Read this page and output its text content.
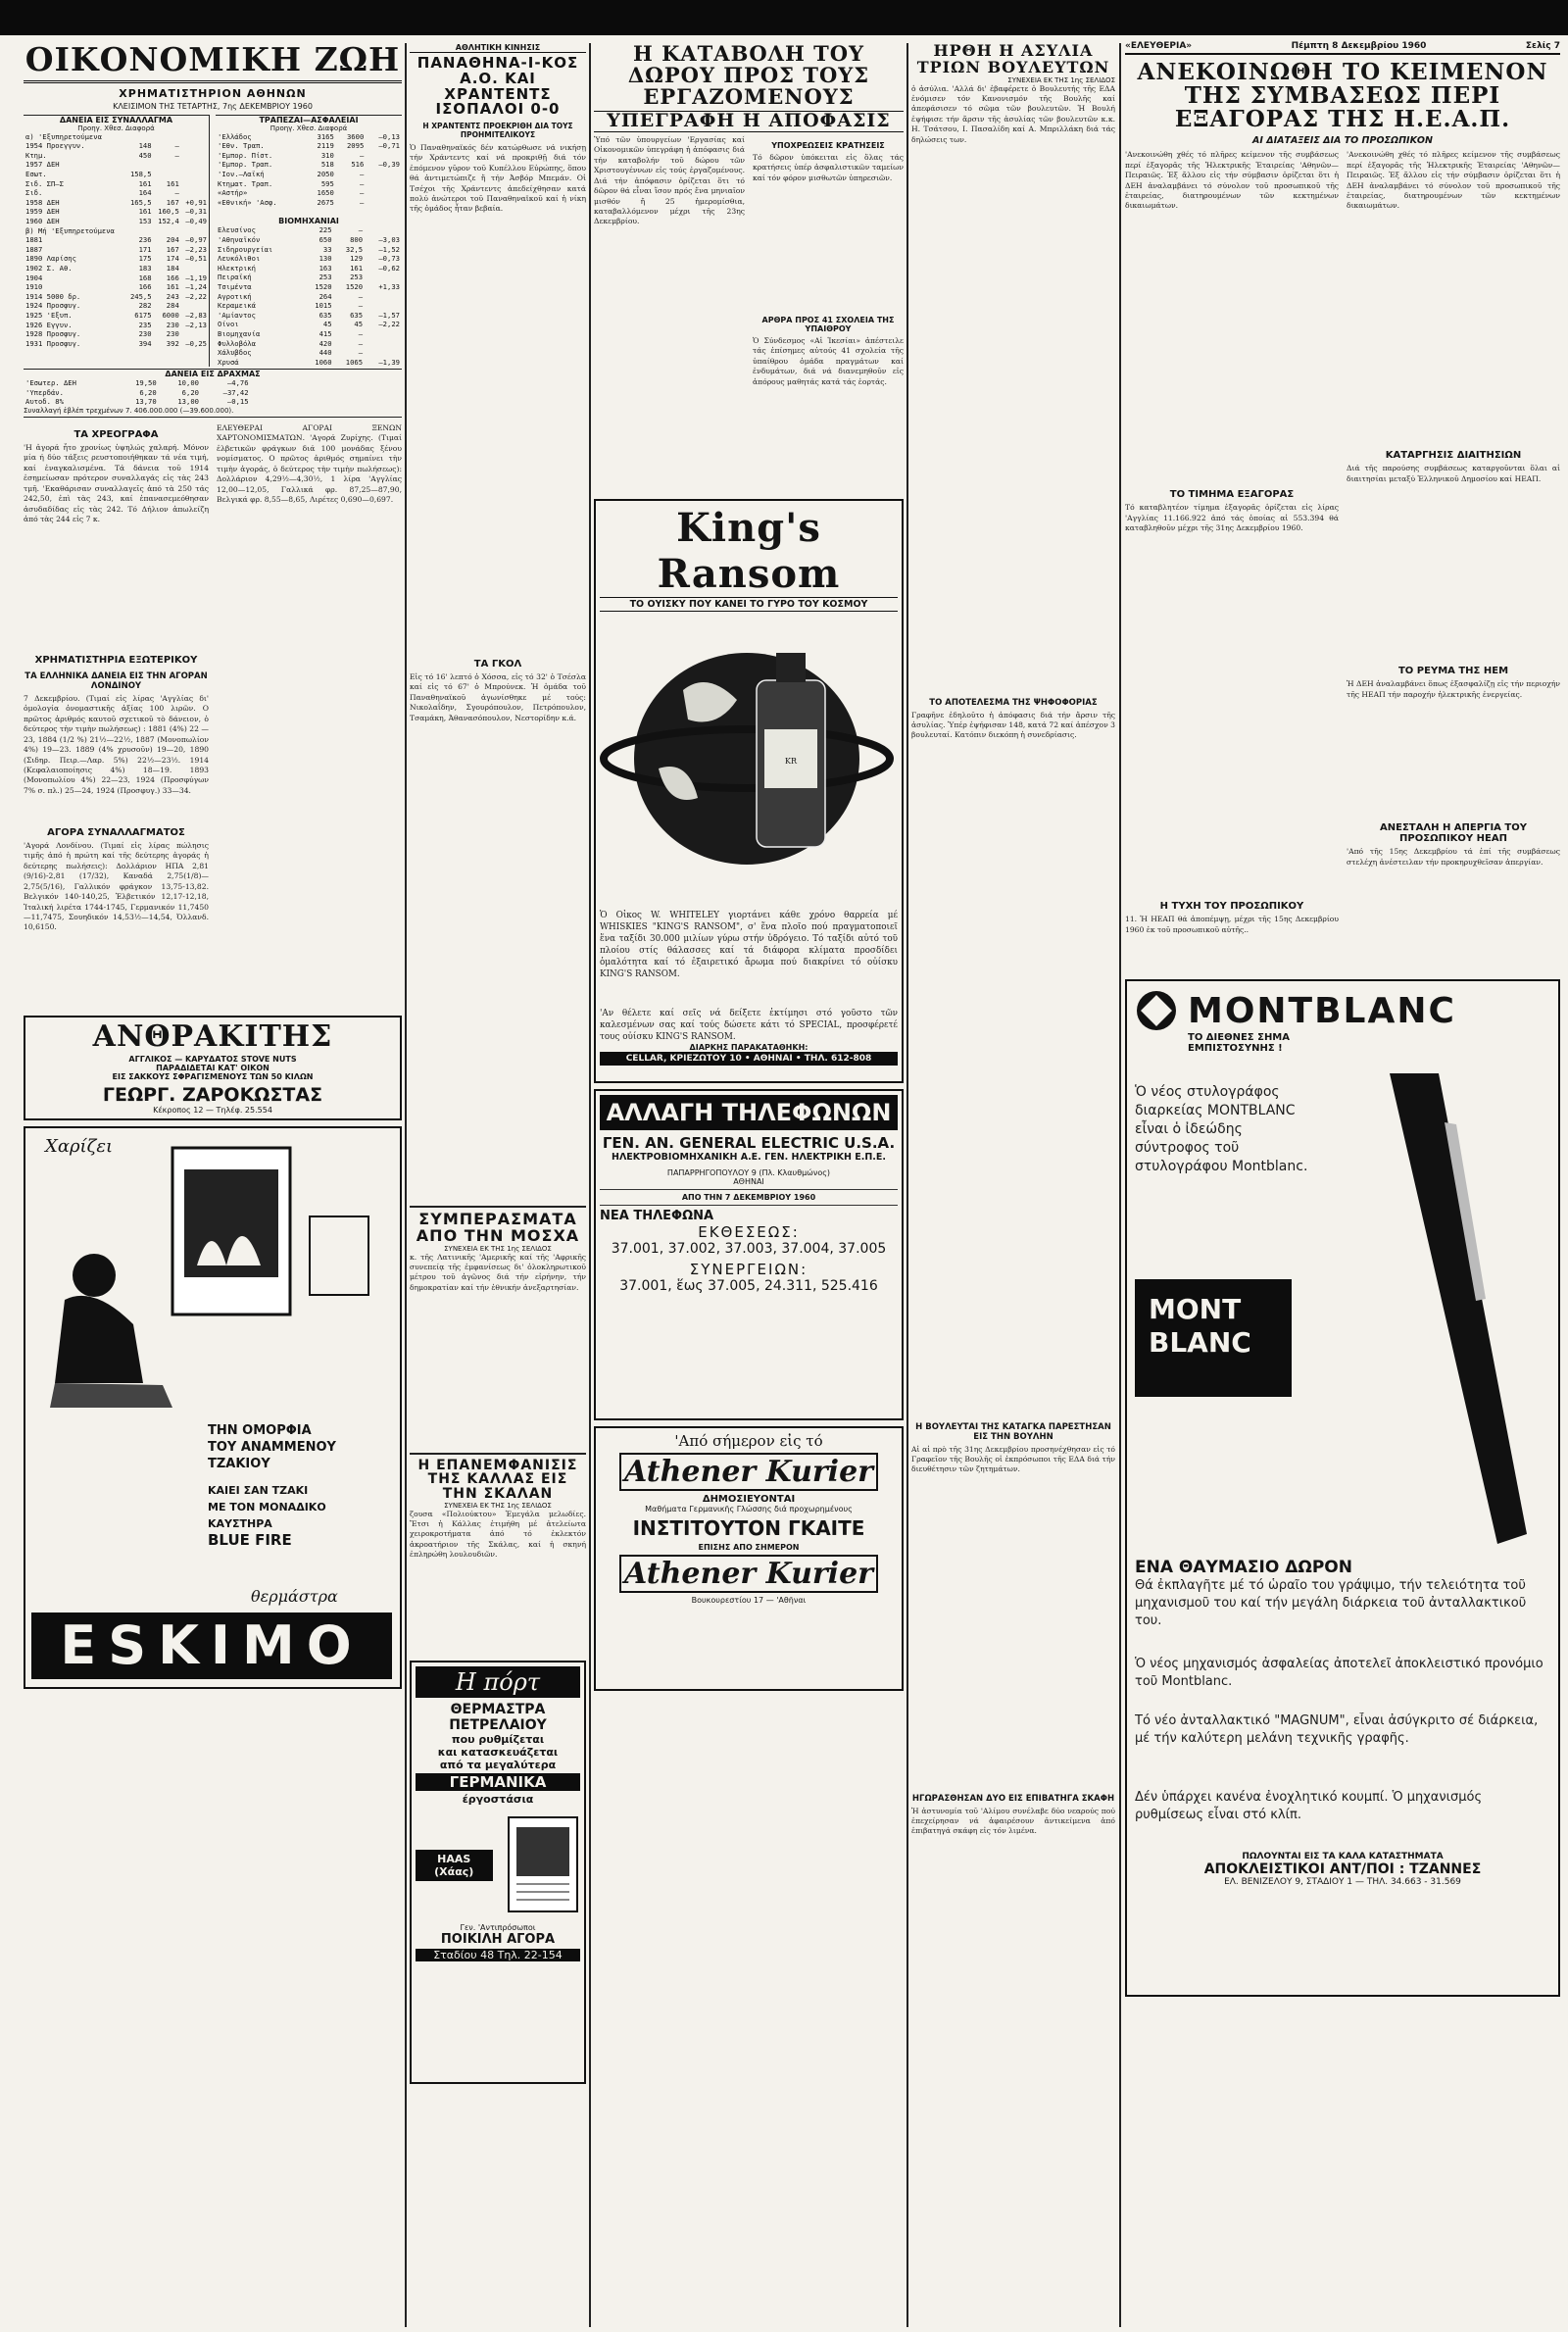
ΟΙΚΟΝΟΜΙΚΗ ΖΩΗ
ΧΡΗΜΑΤΙΣΤΗΡΙΟΝ ΑΘΗΝΩΝ
ΚΛΕΙΣΙΜΟΝ ΤΗΣ ΤΕΤΑΡΤΗΣ, 7ης ΔΕΚΕΜΒΡΙΟΥ 1960
ΔΑΝΕΙΑ ΕΙΣ ΣΥΝΑΛΛΑΓΜΑ
Προηγ. Χθεσ. Διαφορά
α) 'Εξυπηρετούμενα			
1954 Προεγγυν.	148	—	
Κτημ.	450	—	
1957 ΔΕΗ			
Εσωτ.	158,5		
Σιδ. ΣΠ—Σ	161	161	
Σιδ.	164	—	
1958 ΔΕΗ	165,5	167	+0,91
1959 ΔΕΗ	161	160,5	—0,31
1960 ΔΕΗ	153	152,4	—0,49
β) Μή 'Εξυπηρετούμενα			
1881	236	204	—0,97
1887	171	167	—2,23
1890 Λαρίσης	175	174	—0,51
1902 Σ. Αθ.	183	184	
1904	168	166	—1,19
1910	166	161	—1,24
1914 5000 δρ.	245,5	243	—2,22
1924 Προσφυγ.	282	284	
1925 'Εξυπ.	6175	6000	—2,83
1926 Εγγυν.	235	230	—2,13
1928 Προσφυγ.	230	230	
1931 Προσφυγ.	394	392	—0,25
ΤΡΑΠΕΖΑΙ—ΑΣΦΑΛΕΙΑΙ
Προηγ. Χθεσ. Διαφορά
'Ελλάδος	3165	3600	—0,13
'Εθν. Τραπ.	2119	2095	—0,71
'Εμπορ. Πίστ.	310	—	
'Εμπορ. Τραπ.	518	516	—0,39
'Ιον.—Λαϊκή	2050	—	
Κτηματ. Τραπ.	595	—	
«Αστήρ»	1650	—	
«Εθνική» 'Ασφ.	2675	—	
ΒΙΟΜΗΧΑΝΙΑΙ
Ελευσίνος	225	—	
'Αθηναϊκόν	650	800	—3,03
Σιδηρουργείαι	33	32,5	—1,52
Λευκόλιθοι	130	129	—0,73
Ηλεκτρική	163	161	—0,62
Πειραϊκή	253	253	
Τσιμέντα	1520	1520	+1,33
Αγροτική	264	—	
Κεραμεικά	1015	—	
'Αμίαντος	635	635	—1,57
Οίνοι	45	45	—2,22
Βιομηχανία	415	—	
Φυλλοβόλα	420	—	
Χάλυβδος	440	—	
Χρυσά	1060	1065	—1,39
ΔΑΝΕΙΑ ΕΙΣ ΔΡΑΧΜΑΣ
'Εσωτερ. ΔΕΗ	19,50	10,00	—4,76
'Υπερδάν.	6,20	6,20	—37,42
Αυτοδ. 8%	13,70	13,00	—0,15
Συναλλαγή ἐβλέπ τρεχμένων 7. 406.000.000 (—39.600.000).
ΤΑ ΧΡΕΟΓΡΑΦΑ
'Η ἀγορά ἦτο χρονίως ὑψηλώς χαλαρή. Μόνον μία ή δύο τάξεις ρευστοποιήθηκαν τά νέα τιμή, καί ἐναγκαλισμένα. Τά δάνεια τοῦ 1914 ἐσημείωσαν πρότερον συναλλαγάς εἰς τὰς 243 τμῆ. 'Εκαθάρισαν συναλλαγεῖς ἀπό τὰ 250 τάς 242,50, ἐπὶ τὰς 243, καί ἐπανασεμεόθησαν ἀσυδαδίδας εἰς τὰς 242. Τό Δήλιον ἀπωλείζη ἀπό τὰς 244 εἰς 7 κ.
ΧΡΗΜΑΤΙΣΤΗΡΙΑ ΕΞΩΤΕΡΙΚΟΥ
ΤΑ ΕΛΛΗΝΙΚΑ ΔΑΝΕΙΑ ΕΙΣ ΤΗΝ ΑΓΟΡΑΝ ΛΟΝΔΙΝΟΥ
7 Δεκεμβρίου. (Τιμαί εἰς λίρας 'Αγγλίας δι' ὀμολογία ὀνομαστικῆς ἀξίας 100 λιρῶν. Ο πρῶτος ἀριθμός καυτοῦ σχετικοῦ τὸ δάνειον, ὁ δεύτερος τὴν τιμὴν πωλήσεως) : 1881 (4%) 22 —23, 1884 (1/2 %) 21½—22½, 1887 (Μονοπωλίον 4%) 19—23. 1889 (4% χρυσοῦν) 19—20, 1890 (Σιδηρ. Πειρ.—Λαρ. 5%) 22½—23½. 1914 (Κεφαλαιοποίησις 4%) 18—19. 1893 (Μονοπωλίου 4%) 22—23, 1924 (Προσφύγων 7% σ. πλ.) 25—24, 1924 (Προσφυγ.) 33—34.
ΑΓΟΡΑ ΣΥΝΑΛΛΑΓΜΑΤΟΣ
'Αγορά Λονδίνου. (Τιμαί εἰς λίρας πώλησις τιμῆς ἀπό ἡ πρώτη καί τῆς δεύτερης ἀγοράς ἡ δεύτερης πωλήσεις): Δολλάριον ΗΠΑ 2,81 (9/16)-2,81 (17/32), Καναδά 2,75(1/8)—2,75(5/16), Γαλλικόν φράγκον 13,75-13,82. Βελγικόν 140-140,25, Ἐλβετικόν 12,17-12,18, Ἰταλική λιρέτα 1744-1745, Γερμανικόν 11,7450—11,7475, Σουηδικόν 14,53½—14,54, Ὀλλανδ. 10,6150.
ΕΛΕΥΘΕΡΑΙ ΑΓΟΡΑΙ ΞΕΝΩΝ ΧΑΡΤΟΝΟΜΙΣΜΑΤΩΝ. 'Αγορά Ζυρίχης. (Τιμαί ἐλβετικῶν φράγκων διά 100 μονάδας ξένου νομίσματος. Ο πρῶτος ἀριθμός σημαίνει τὴν τιμὴν ἀγοράς, ὁ δεύτερος τὴν τιμὴν πωλήσεως): Δολλάριον 4,29½—4,30½, 1 λίρα 'Αγγλίας 12,00—12,05, Γαλλικά φρ. 87,25—87,90, Βελγικά φρ. 8,55—8,65, Λιρέτες 0,690—0,697.
ΑΝΘΡΑΚΙΤΗΣ
ΑΓΓΛΙΚΟΣ — ΚΑΡΥΔΑΤΟΣ STOVE NUTS
ΠΑΡΑΔΙΔΕΤΑΙ ΚΑΤ' ΟΙΚΟΝ
ΕΙΣ ΣΑΚΚΟΥΣ ΣΦΡΑΓΙΣΜΕΝΟΥΣ ΤΩΝ 50 ΚΙΛΩΝ
ΓΕΩΡΓ. ΖΑΡΟΚΩΣΤΑΣ
Κέκροπος 12 — Τηλέφ. 25.554
Χαρίζει
ΤΗΝ ΟΜΟΡΦΙΑ
ΤΟΥ ΑΝΑΜΜΕΝΟΥ
ΤΖΑΚΙΟΥ
ΚΑΙΕΙ ΣΑΝ ΤΖΑΚΙ
ΜΕ ΤΟΝ ΜΟΝΑΔΙΚΟ
ΚΑΥΣΤΗΡΑ
BLUE FIRE
θερμάστρα
ESKIMO
ΑΘΛΗΤΙΚΗ ΚΙΝΗΣΙΣ
ΠΑΝΑΘΗΝΑ-Ι-ΚΟΣ Α.Ο. ΚΑΙ ΧΡΑΝΤΕΝΤΣ ΙΣΟΠΑΛΟΙ 0-0
Η ΧΡΑΝΤΕΝΤΣ ΠΡΟΕΚΡΙΘΗ ΔΙΑ ΤΟΥΣ ΠΡΟΗΜΙΤΕΛΙΚΟΥΣ
Ὁ Παναθηναϊκός δέν κατώρθωσε νά νικήσῃ τήν Χράντεντς καί νά προκριθῇ διά τόν ἐπόμενον γῦρον τοῦ Κυπέλλου Εὐρώπης, ὅπου θά ἀντιμετώπιζε ἤ τήν Ἀσβόρ Μπεμάν. Οἱ Τσέχοι τῆς Χράντεντς ἀπεδείχθησαν κατά πολύ ἀνώτεροι τοῦ Παναθηναϊκοῦ καί ἡ νίκη τῆς ὁμάδος ἦταν βεβαία.
ΤΑ ΓΚΟΛ
Εἰς τό 16' λεπτό ὁ Χόσσα, εἰς τό 32' ὁ Τσέσλα καί εἰς τό 67' ὁ Μπρούνεκ. Ἡ ὁμάδα τοῦ Παναθηναϊκοῦ ἀγωνίσθηκε μέ τούς: Νικολαΐδην, Σγουρόπουλον, Πετρόπουλον, Τσαμάκη, Ἀθανασόπουλον, Νεστορίδην κ.ά.
ΣΥΜΠΕΡΑΣΜΑΤΑ ΑΠΟ ΤΗΝ ΜΟΣΧΑ
ΣΥΝΕΧΕΙΑ ΕΚ ΤΗΣ 1ης ΣΕΛΙΔΟΣ
κ. τῆς Λατινικῆς 'Αμερικῆς καί τῆς 'Αφρικῆς συνεπείᾳ τῆς ἐμφανίσεως δι' ὁλοκληρωτικοῦ μέτρου τοῦ ἀγῶνος διά τήν εἰρήνην, τήν δημοκρατίαν καί τήν ἐθνικήν ἀνεξαρτησίαν.
Η ΕΠΑΝΕΜΦΑΝΙΣΙΣ ΤΗΣ ΚΑΛΛΑΣ ΕΙΣ ΤΗΝ ΣΚΑΛΑΝ
ΣΥΝΕΧΕΙΑ ΕΚ ΤΗΣ 1ης ΣΕΛΙΔΟΣ
ζουσα «Πολιούκτου» Ἐμεγάλα μελωδίες. Ἔτσι ἡ Κάλλας ἐτιμήθη μέ ἀτελείωτα χειροκροτήματα ἀπό τό ἐκλεκτόν ἀκροατήριον τῆς Σκάλας, καί ἡ σκηνή ἐπληρώθη λουλουδιῶν.
Η πόρτ
ΘΕΡΜΑΣΤΡΑ
ΠΕΤΡΕΛΑΙΟΥ
που ρυθμίζεται
και κατασκευάζεται
από τα μεγαλύτερα
ΓΕΡΜΑΝΙΚΑ
έργοστάσια
HAAS (Χάας)
Γεν. 'Αντιπρόσωποι
ΠΟΙΚΙΛΗ ΑΓΟΡΑ
Σταδίου 48 Τηλ. 22-154
Η ΚΑΤΑΒΟΛΗ ΤΟΥ ΔΩΡΟΥ ΠΡΟΣ ΤΟΥΣ ΕΡΓΑΖΟΜΕΝΟΥΣ
ΥΠΕΓΡΑΦΗ Η ΑΠΟΦΑΣΙΣ
Ὑπό τῶν ὑπουργείων 'Εργασίας καί Οἰκονομικῶν ὑπεγράφη ἡ ἀπόφασις διά τήν καταβολήν τοῦ δώρου τῶν Χριστουγέννων εἰς τούς ἐργαζομένους. Διά τήν ἀπόφασιν ὁρίζεται ὅτι τό δῶρον θά εἶναι ἴσον πρός ἕνα μηνιαῖον μισθόν ἤ 25 ἡμερομίσθια, καταβαλλόμενον μέχρι τῆς 23ης Δεκεμβρίου.
ΥΠΟΧΡΕΩΣΕΙΣ ΚΡΑΤΗΣΕΙΣ
Τό δῶρον ὑπόκειται εἰς ὅλας τάς κρατήσεις ὑπέρ ἀσφαλιστικῶν ταμείων καί τόν φόρον μισθωτῶν ὑπηρεσιῶν.
ΑΡΘΡΑ ΠΡΟΣ 41 ΣΧΟΛΕΙΑ ΤΗΣ ΥΠΑΙΘΡΟΥ
Ὁ Σύνδεσμος «Αἱ Ἱκεσίαι» ἀπέστειλε τάς ἐπίσημες αὐτούς 41 σχολεία τῆς ὑπαίθρου ὁμάδα πραγμάτων καί ἐνδυμάτων, διά νά διανεμηθοῦν εἰς ἀπόρους μαθητάς κατά τάς ἑορτάς.
King's Ransom
ΤΟ ΟΥΙΣΚΥ ΠΟΥ ΚΑΝΕΙ ΤΟ ΓΥΡΟ ΤΟΥ ΚΟΣΜΟΥ
KR
Ὁ Οἶκος W. WHITELEY γιορτάνει κάθε χρόνο θαρρεία μέ WHISKIES "KING'S RANSOM", σ' ἕνα πλοῖο πού πραγματοποιεῖ ἕνα ταξίδι 30.000 μιλίων γύρω στήν ὑδρόγειο. Τό ταξίδι αὐτό τοῦ πλοίου στίς θάλασσες καί τά διάφορα κλίματα προσδίδει ὁμαλότητα καί τό ἐξαιρετικό ἄρωμα πού διακρίνει τό οὐίσκυ KING'S RANSOM.
'Αν θέλετε καί σεῖς νά δείξετε ἐκτίμησι στό γοῦστο τῶν καλεσμένων σας καί τούς δώσετε κάτι τό SPECIAL, προσφέρετέ τους οὐίσκυ KING'S RANSOM.
ΔΙΑΡΚΗΣ ΠΑΡΑΚΑΤΑΘΗΚΗ:
CELLAR, ΚΡΙΕΖΩΤΟΥ 10 • ΑΘΗΝΑΙ • ΤΗΛ. 612-808
ΑΛΛΑΓΗ ΤΗΛΕΦΩΝΩΝ
ΓΕΝ. ΑΝ. GENERAL ELECTRIC U.S.A.
ΗΛΕΚΤΡΟΒΙΟΜΗΧΑΝΙΚΗ Α.Ε. ΓΕΝ. ΗΛΕΚΤΡΙΚΗ Ε.Π.Ε.
ΠΑΠΑΡΡΗΓΟΠΟΥΛΟΥ 9 (Πλ. Κλαυθμώνος)
ΑΘΗΝΑΙ
ΑΠΟ ΤΗΝ 7 ΔΕΚΕΜΒΡΙΟΥ 1960
ΝΕΑ ΤΗΛΕΦΩΝΑ
ΕΚΘΕΣΕΩΣ:
37.001, 37.002, 37.003, 37.004, 37.005
ΣΥΝΕΡΓΕΙΩΝ:
37.001, ἕως 37.005, 24.311, 525.416
'Από σήμερον εἰς τό
Athener Kurier
ΔΗΜΟΣΙΕΥΟΝΤΑΙ
Μαθήματα Γερμανικῆς Γλώσσης διά προχωρημένους
ΙΝΣΤΙΤΟΥΤΟΝ ΓΚΑΙΤΕ
ΕΠΙΣΗΣ ΑΠΟ ΣΗΜΕΡΟΝ
Athener Kurier
Βουκουρεστίου 17 — 'Αθῆναι
ΗΡΘΗ Η ΑΣΥΛΙΑ ΤΡΙΩΝ ΒΟΥΛΕΥΤΩΝ
ΣΥΝΕΧΕΙΑ ΕΚ ΤΗΣ 1ης ΣΕΛΙΔΟΣ
ὁ ἀσύλια. 'Αλλά δι' ἐβαφέρετε ὁ Βουλευτής τῆς ΕΔΑ ἐνόμισεν τόν Κανονισμόν τῆς Βουλῆς καί ἀπεφάσισεν τό σῶμα τῶν βουλευτῶν. Ἡ Βουλή ἐψήφισε τήν ἄρσιν τῆς ἀσυλίας τῶν βουλευτῶν κ.κ. Η. Τσάτσου, Ι. Πασαλίδη καί Α. Μπριλλάκη διά τάς δηλώσεις των.
ΤΟ ΑΠΟΤΕΛΕΣΜΑ ΤΗΣ ΨΗΦΟΦΟΡΙΑΣ
Γραφῆνε ἐδηλοῦτο ἡ ἀπόφασις διά τήν ἄρσιν τῆς ἀσυλίας. Ὑπέρ ἐψήφισαν 148, κατά 72 καί ἀπέσχον 3 βουλευταί. Κατόπιν διεκόπη ἡ συνεδρίασις.
Η ΒΟΥΛΕΥΤΑΙ ΤΗΣ ΚΑΤΑΓΚΑ ΠΑΡΕΣΤΗΣΑΝ ΕΙΣ ΤΗΝ ΒΟΥΛΗΝ
Αἱ αἱ πρὸ τῆς 31ης Δεκεμβρίου προσηνέχθησαν εἰς τό Γραφεῖον τῆς Βουλῆς οἱ ἐκπρόσωποι τῆς ΕΔΑ διά τήν διευθέτησιν τῶν ζητημάτων.
ΗΓΩΡΑΣΘΗΣΑΝ ΔΥΟ ΕΙΣ ΕΠΙΒΑΤΗΓΑ ΣΚΑΦΗ
Ἡ ἀστυνομία τοῦ 'Αλίμου συνέλαβε δύο νεαρούς πού ἐπεχείρησαν νά ἀφαιρέσουν ἀντικείμενα ἀπό ἐπιβατηγά σκάφη εἰς τόν λιμένα.
«ΕΛΕΥΘΕΡΙΑ»	Πέμπτη 8 Δεκεμβρίου 1960	Σελίς 7
ΑΝΕΚΟΙΝΩΘΗ ΤΟ ΚΕΙΜΕΝΟΝ ΤΗΣ ΣΥΜΒΑΣΕΩΣ ΠΕΡΙ ΕΞΑΓΟΡΑΣ ΤΗΣ Η.Ε.Α.Π.
ΑΙ ΔΙΑΤΑΞΕΙΣ ΔΙΑ ΤΟ ΠΡΟΣΩΠΙΚΟΝ
'Ανεκοινώθη χθές τό πλῆρες κείμενον τῆς συμβάσεως περί ἐξαγορᾶς τῆς Ἡλεκτρικῆς Ἑταιρείας 'Αθηνῶν—Πειραιῶς. Ἐξ ἄλλου εἰς τήν σύμβασιν ὁρίζεται ὅτι ἡ ΔΕΗ ἀναλαμβάνει τό σύνολον τοῦ προσωπικοῦ τῆς ἑταιρείας, διατηρουμένων τῶν κεκτημένων δικαιωμάτων.
ΤΟ ΤΙΜΗΜΑ ΕΞΑΓΟΡΑΣ
Τό καταβλητέον τίμημα ἐξαγορᾶς ὁρίζεται εἰς λίρας 'Αγγλίας 11.166.922 ἀπό τάς ὁποίας αἱ 553.394 θά καταβληθοῦν μέχρι τῆς 31ης Δεκεμβρίου 1960.
Η ΤΥΧΗ ΤΟΥ ΠΡΟΣΩΠΙΚΟΥ
11. Ἡ ΗΕΑΠ θά ἀποπέμψῃ, μέχρι τῆς 15ης Δεκεμβρίου 1960 ἐκ τοῦ προσωπικοῦ αὐτῆς..
'Ανεκοινώθη χθές τό πλῆρες κείμενον τῆς συμβάσεως περί ἐξαγορᾶς τῆς Ἡλεκτρικῆς Ἑταιρείας 'Αθηνῶν—Πειραιῶς. Ἐξ ἄλλου εἰς τήν σύμβασιν ὁρίζεται ὅτι ἡ ΔΕΗ ἀναλαμβάνει τό σύνολον τοῦ προσωπικοῦ τῆς ἑταιρείας, διατηρουμένων τῶν κεκτημένων δικαιωμάτων.
ΚΑΤΑΡΓΗΣΙΣ ΔΙΑΙΤΗΣΙΩΝ
Διά τῆς παρούσης συμβάσεως καταργοῦνται ὅλαι αἱ διαιτησίαι μεταξύ Ἑλληνικοῦ Δημοσίου καί ΗΕΑΠ.
ΤΟ ΡΕΥΜΑ ΤΗΣ ΗΕΜ
Ἡ ΔΕΗ ἀναλαμβάνει ὅπως ἐξασφαλίζῃ εἰς τήν περιοχήν τῆς ΗΕΑΠ τήν παροχήν ἠλεκτρικῆς ἐνεργείας.
ΑΝΕΣΤΑΛΗ Η ΑΠΕΡΓΙΑ ΤΟΥ ΠΡΟΣΩΠΙΚΟΥ ΗΕΑΠ
'Από τῆς 15ης Δεκεμβρίου τά ἐπί τῆς συμβάσεως στελέχη ἀνέστειλαν τήν προκηρυχθεῖσαν ἀπεργίαν.
MONTBLANC
ΤΟ ΔΙΕΘΝΕΣ ΣΗΜΑ
ΕΜΠΙΣΤΟΣΥΝΗΣ !
Ὁ νέος στυλογράφος διαρκείας MONTBLANC εἶναι ὁ ἰδεώδης σύντροφος τοῦ στυλογράφου Montblanc.
MONT
BLANC
ΕΝΑ ΘΑΥΜΑΣΙΟ ΔΩΡΟΝ
Θά ἐκπλαγῆτε μέ τό ὡραῖο του γράψιμο, τήν τελειότητα τοῦ μηχανισμοῦ του καί τήν μεγάλη διάρκεια τοῦ ἀνταλλακτικοῦ του.
Ὁ νέος μηχανισμός ἀσφαλείας ἀποτελεῖ ἀποκλειστικό προνόμιο τοῦ Montblanc.
Τό νέο ἀνταλλακτικό "MAGNUM", εἶναι ἀσύγκριτο σέ διάρκεια, μέ τήν καλύτερη μελάνη τεχνικῆς γραφῆς.
Δέν ὑπάρχει κανένα ἐνοχλητικό κουμπί. Ὁ μηχανισμός ρυθμίσεως εἶναι στό κλίπ.
ΠΩΛΟΥΝΤΑΙ ΕΙΣ ΤΑ ΚΑΛΑ ΚΑΤΑΣΤΗΜΑΤΑ
ΑΠΟΚΛΕΙΣΤΙΚΟΙ ΑΝΤ/ΠΟΙ : ΤΖΑΝΝΕΣ
ΕΛ. ΒΕΝΙΖΕΛΟΥ 9, ΣΤΑΔΙΟΥ 1 — ΤΗΛ. 34.663 - 31.569
